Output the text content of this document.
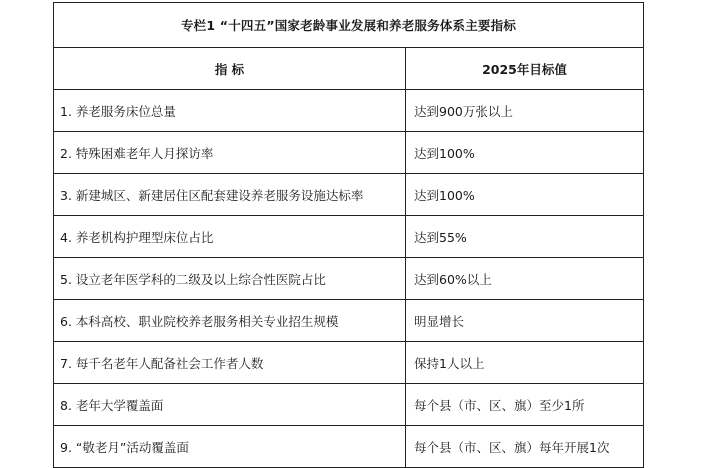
专栏1 “十四五”国家老龄事业发展和养老服务体系主要指标	
指 标	2025年目标值
1. 养老服务床位总量	达到900万张以上
2. 特殊困难老年人月探访率	达到100%
3. 新建城区、新建居住区配套建设养老服务设施达标率	达到100%
4. 养老机构护理型床位占比	达到55%
5. 设立老年医学科的二级及以上综合性医院占比	达到60%以上
6. 本科高校、职业院校养老服务相关专业招生规模	明显增长
7. 每千名老年人配备社会工作者人数	保持1人以上
8. 老年大学覆盖面	每个县（市、区、旗）至少1所
9. “敬老月”活动覆盖面	每个县（市、区、旗）每年开展1次
